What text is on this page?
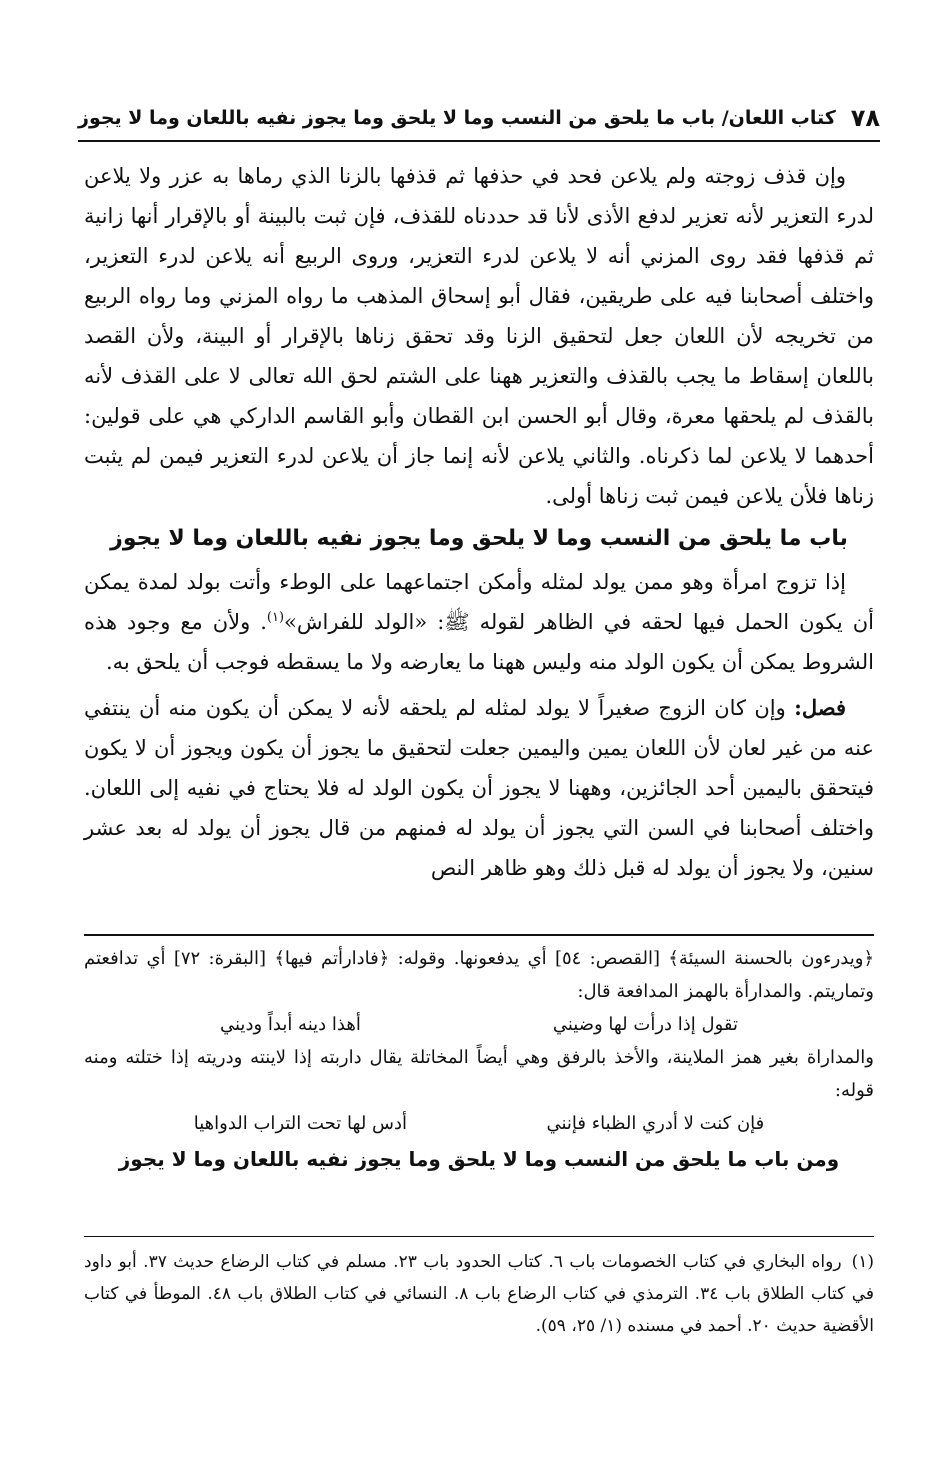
٧٨
كتاب اللعان/ باب ما يلحق من النسب وما لا يلحق وما يجوز نفيه باللعان وما لا يجوز

وإن قذف زوجته ولم يلاعن فحد في حذفها ثم قذفها بالزنا الذي رماها به عزر ولا يلاعن لدرء التعزير لأنه تعزير لدفع الأذى لأنا قد حددناه للقذف، فإن ثبت بالبينة أو بالإقرار أنها زانية ثم قذفها فقد روى المزني أنه لا يلاعن لدرء التعزير، وروى الربيع أنه يلاعن لدرء التعزير، واختلف أصحابنا فيه على طريقين، فقال أبو إسحاق المذهب ما رواه المزني وما رواه الربيع من تخريجه لأن اللعان جعل لتحقيق الزنا وقد تحقق زناها بالإقرار أو البينة، ولأن القصد باللعان إسقاط ما يجب بالقذف والتعزير ههنا على الشتم لحق الله تعالى لا على القذف لأنه بالقذف لم يلحقها معرة، وقال أبو الحسن ابن القطان وأبو القاسم الداركي هي على قولين: أحدهما لا يلاعن لما ذكرناه. والثاني يلاعن لأنه إنما جاز أن يلاعن لدرء التعزير فيمن لم يثبت زناها فلأن يلاعن فيمن ثبت زناها أولى.

باب ما يلحق من النسب وما لا يلحق وما يجوز نفيه باللعان وما لا يجوز

إذا تزوج امرأة وهو ممن يولد لمثله وأمكن اجتماعهما على الوطء وأتت بولد لمدة يمكن أن يكون الحمل فيها لحقه في الظاهر لقوله ﷺ: «الولد للفراش»$^{(١)}$. ولأن مع وجود هذه الشروط يمكن أن يكون الولد منه وليس ههنا ما يعارضه ولا ما يسقطه فوجب أن يلحق به.

فصل: وإن كان الزوج صغيراً لا يولد لمثله لم يلحقه لأنه لا يمكن أن يكون منه أن ينتفي عنه من غير لعان لأن اللعان يمين واليمين جعلت لتحقيق ما يجوز أن يكون ويجوز أن لا يكون فيتحقق باليمين أحد الجائزين، وههنا لا يجوز أن يكون الولد له فلا يحتاج في نفيه إلى اللعان. واختلف أصحابنا في السن التي يجوز أن يولد له فمنهم من قال يجوز أن يولد له بعد عشر سنين، ولا يجوز أن يولد له قبل ذلك وهو ظاهر النص

﴿ويدرءون بالحسنة السيئة﴾ [القصص: ٥٤] أي يدفعونها. وقوله: ﴿فادارأتم فيها﴾ [البقرة: ٧٢] أي تدافعتم وتماريتم. والمدارأة بالهمز المدافعة قال:

تقول إذا درأت لها وضيني
أهذا دينه أبداً وديني

والمداراة بغير همز الملاينة، والأخذ بالرفق وهي أيضاً المخاتلة يقال داربته إذا لاينته ودريته إذا ختلته ومنه قوله:

فإن كنت لا أدري الظباء فإنني
أدس لها تحت التراب الدواهيا
ومن باب ما يلحق من النسب وما لا يلحق وما يجوز نفيه باللعان وما لا يجوز

(١)رواه البخاري في كتاب الخصومات باب ٦. كتاب الحدود باب ٢٣. مسلم في كتاب الرضاع حديث ٣٧. أبو داود في كتاب الطلاق باب ٣٤. الترمذي في كتاب الرضاع باب ٨. النسائي في كتاب الطلاق باب ٤٨. الموطأ في كتاب الأقضية حديث ٢٠. أحمد في مسنده (١/ ٢٥، ٥٩).
